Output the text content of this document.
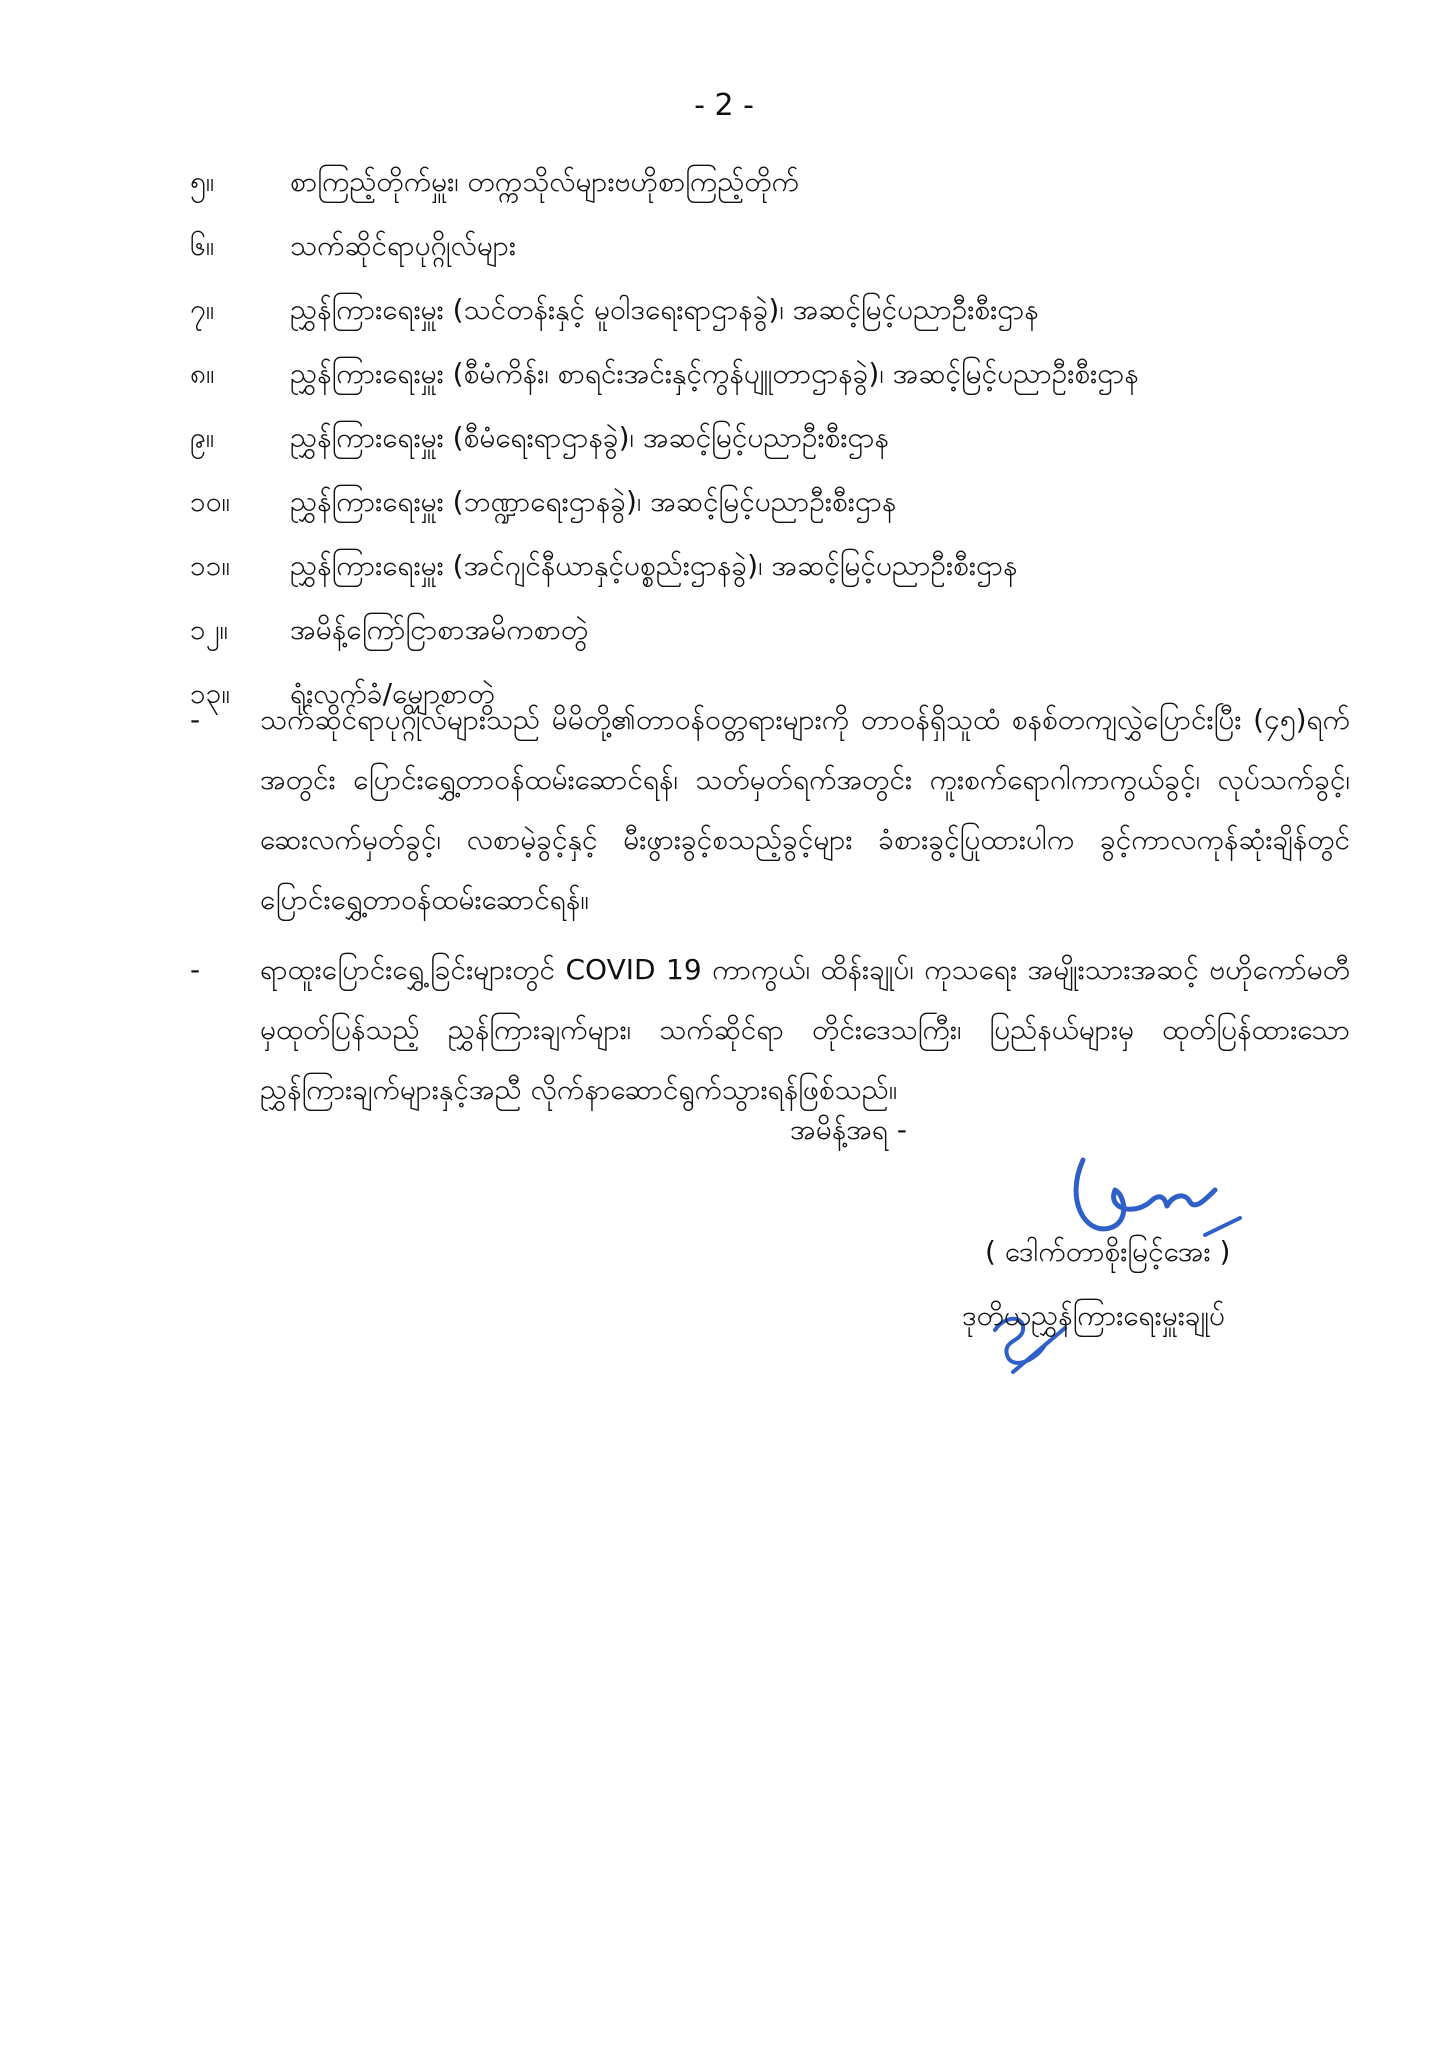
- 2 -
၅။	စာကြည့်တိုက်မှူး၊ တက္ကသိုလ်များဗဟိုစာကြည့်တိုက်
၆။	သက်ဆိုင်ရာပုဂ္ဂိုလ်များ
၇။	ညွှန်ကြားရေးမှူး (သင်တန်းနှင့် မူဝါဒရေးရာဌာနခွဲ)၊ အဆင့်မြင့်ပညာဦးစီးဌာန
၈။	ညွှန်ကြားရေးမှူး (စီမံကိန်း၊ စာရင်းအင်းနှင့်ကွန်ပျူတာဌာနခွဲ)၊ အဆင့်မြင့်ပညာဦးစီးဌာန
၉။	ညွှန်ကြားရေးမှူး (စီမံရေးရာဌာနခွဲ)၊ အဆင့်မြင့်ပညာဦးစီးဌာန
၁၀။	ညွှန်ကြားရေးမှူး (ဘဏ္ဍာရေးဌာနခွဲ)၊ အဆင့်မြင့်ပညာဦးစီးဌာန
၁၁။	ညွှန်ကြားရေးမှူး (အင်ဂျင်နီယာနှင့်ပစ္စည်းဌာနခွဲ)၊ အဆင့်မြင့်ပညာဦးစီးဌာန
၁၂။	အမိန့်ကြော်ငြာစာအမိကစာတွဲ
၁၃။	ရုံးလက်ခံ/မျှောစာတွဲ
-	သက်ဆိုင်ရာပုဂ္ဂိုလ်များသည် မိမိတို့၏တာဝန်ဝတ္တရားများကို တာဝန်ရှိသူထံ စနစ်တကျလွှဲပြောင်းပြီး (၄၅)ရက်အတွင်း ပြောင်းရွှေ့တာဝန်ထမ်းဆောင်ရန်၊ သတ်မှတ်ရက်အတွင်း ကူးစက်ရောဂါကာကွယ်ခွင့်၊ လုပ်သက်ခွင့်၊ ဆေးလက်မှတ်ခွင့်၊ လစာမဲ့ခွင့်နှင့် မီးဖွားခွင့်စသည့်ခွင့်များ ခံစားခွင့်ပြုထားပါက ခွင့်ကာလကုန်ဆုံးချိန်တွင် ပြောင်းရွှေ့တာဝန်ထမ်းဆောင်ရန်။
-	ရာထူးပြောင်းရွှေ့ခြင်းများတွင် COVID 19 ကာကွယ်၊ ထိန်းချုပ်၊ ကုသရေး အမျိုးသားအဆင့် ဗဟိုကော်မတီမှထုတ်ပြန်သည့် ညွှန်ကြားချက်များ၊ သက်ဆိုင်ရာ တိုင်းဒေသကြီး၊ ပြည်နယ်များမှ ထုတ်ပြန်ထားသောညွှန်ကြားချက်များနှင့်အညီ လိုက်နာဆောင်ရွက်သွားရန်ဖြစ်သည်။
အမိန့်အရ -
( ဒေါက်တာစိုးမြင့်အေး )
ဒုတိယညွှန်ကြားရေးမှူးချုပ်
